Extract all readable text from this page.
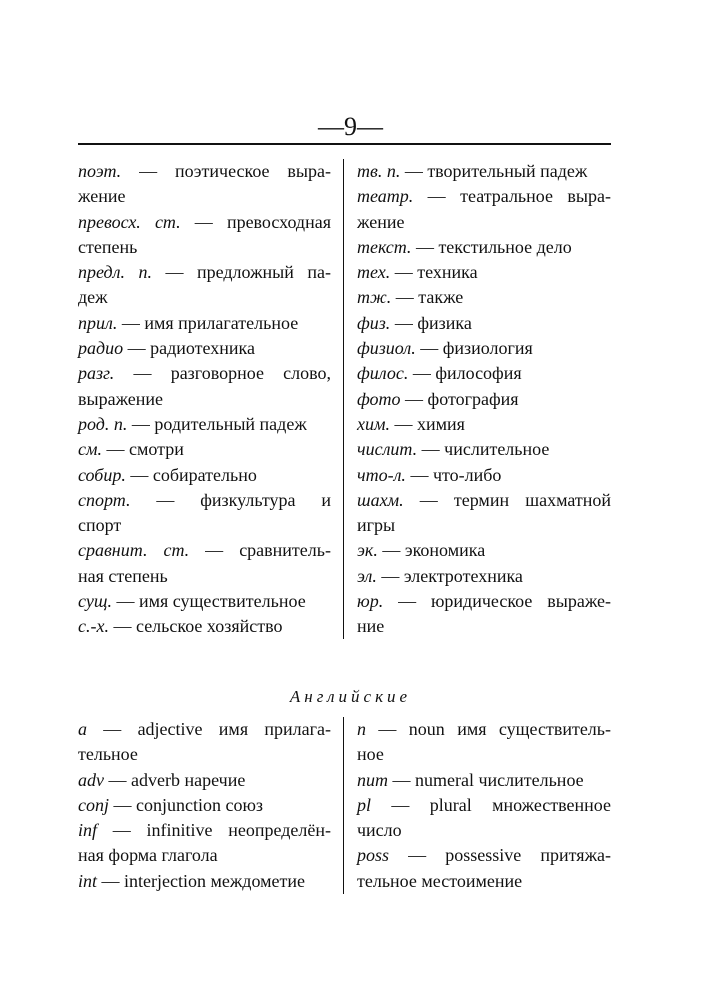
—9—
поэт. — поэтическое выра-
жение
превосх. ст. — превосходная
степень
предл. п. — предложный па-
деж
прил. — имя прилагательное
радио — радиотехника
разг. — разговорное слово,
выражение
род. п. — родительный падеж
см. — смотри
собир. — собирательно
спорт. — физкультура и
спорт
сравнит. ст. — сравнитель-
ная степень
сущ. — имя существительное
с.-х. — сельское хозяйство
тв. п. — творительный падеж
театр. — театральное выра-
жение
текст. — текстильное дело
тех. — техника
тж. — также
физ. — физика
физиол. — физиология
филос. — философия
фото — фотография
хим. — химия
числит. — числительное
что-л. — что-либо
шахм. — термин шахматной
игры
эк. — экономика
эл. — электротехника
юр. — юридическое выраже-
ние
Английские
a — adjective имя прилага-
тельное
adv — adverb наречие
conj — conjunction союз
inf — infinitive неопределён-
ная форма глагола
int — interjection междометие
n — noun имя существитель-
ное
num — numeral числительное
pl — plural множественное
число
poss — possessive притяжа-
тельное местоимение
